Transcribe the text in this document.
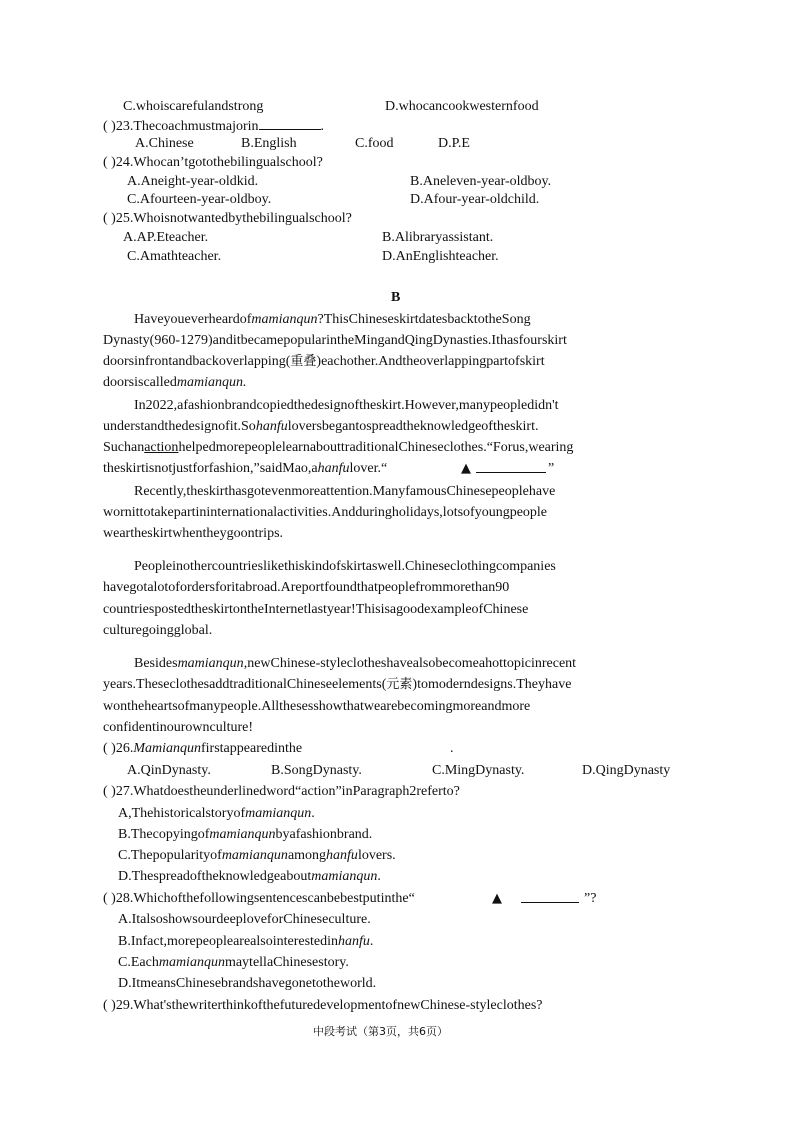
C.whoiscarefulandstrong	D.whocancookwesternfood
( )23.Thecoachmustmajorin	.
A.Chinese	B.English	C.food	D.P.E
( )24.Whocan’tgotothebilingualschool?
A.Aneight-year-oldkid.	B.Aneleven-year-oldboy.
C.Afourteen-year-oldboy.	D.Afour-year-oldchild.
( )25.Whoisnotwantedbythebilingualschool?
A.AP.Eteacher.	B.Alibraryassistant.
C.Amathteacher.	D.AnEnglishteacher.
B
Haveyoueverheardofmamianqun?ThisChineseskirtdatesbacktotheSong
Dynasty(960-1279)anditbecamepopularintheMingandQingDynasties.Ithasfourskirt
doorsinfrontandbackoverlapping(重叠)eachother.Andtheoverlappingpartofskirt
doorsiscalledmamianqun.
In2022,afashionbrandcopiedthedesignoftheskirt.However,manypeopledidn't
understandthedesignofit.Sohanfuloversbegantospreadtheknowledgeoftheskirt.
SuchanactionhelpedmorepeoplelearnabouttraditionalChineseclothes.“Forus,wearing
theskirtisnotjustforfashion,”saidMao,ahanfulover.“	▲	”
Recently,theskirthasgotevenmoreattention.ManyfamousChinesepeoplehave
wornittotakepartininternationalactivities.Andduringholidays,lotsofyoungpeople
weartheskirtwhentheygoontrips.
Peopleinothercountrieslikethiskindofskirtaswell.Chineseclothingcompanies
havegotalotofordersforitabroad.Areportfoundthatpeoplefrommorethan90
countriespostedtheskirtontheInternetlastyear!ThisisagoodexampleofChinese
culturegoingglobal.
Besidesmamianqun,newChinese-styleclotheshavealsobecomeahottopicinrecent
years.TheseclothesaddtraditionalChineseelements(元素)tomoderndesigns.Theyhave
wontheheartsofmanypeople.Allthesesshowthatwearebecomingmoreandmore
confidentinourownculture!
( )26.Mamianqunfirstappearedinthe	.
A.QinDynasty.	B.SongDynasty.	C.MingDynasty.	D.QingDynasty
( )27.Whatdoestheunderlinedword“action”inParagraph2referto?
A,Thehistoricalstoryofmamianqun.
B.Thecopyingofmamianqunbyafashionbrand.
C.Thepopularityofmamianqunamonghanfulovers.
D.Thespreadoftheknowledgeaboutmamianqun.
( )28.Whichofthefollowingsentencescanbebestputinthe“	▲	”?
A.ItalsoshowsourdeeploveforChineseculture.
B.Infact,morepeoplearealsointerestedinhanfu.
C.EachmamianqunmaytellaChinesestory.
D.ItmeansChinesebrandshavegonetotheworld.
( )29.What'sthewriterthinkofthefuturedevelopmentofnewChinese-styleclothes?
中段考试（第3页，共6页）
